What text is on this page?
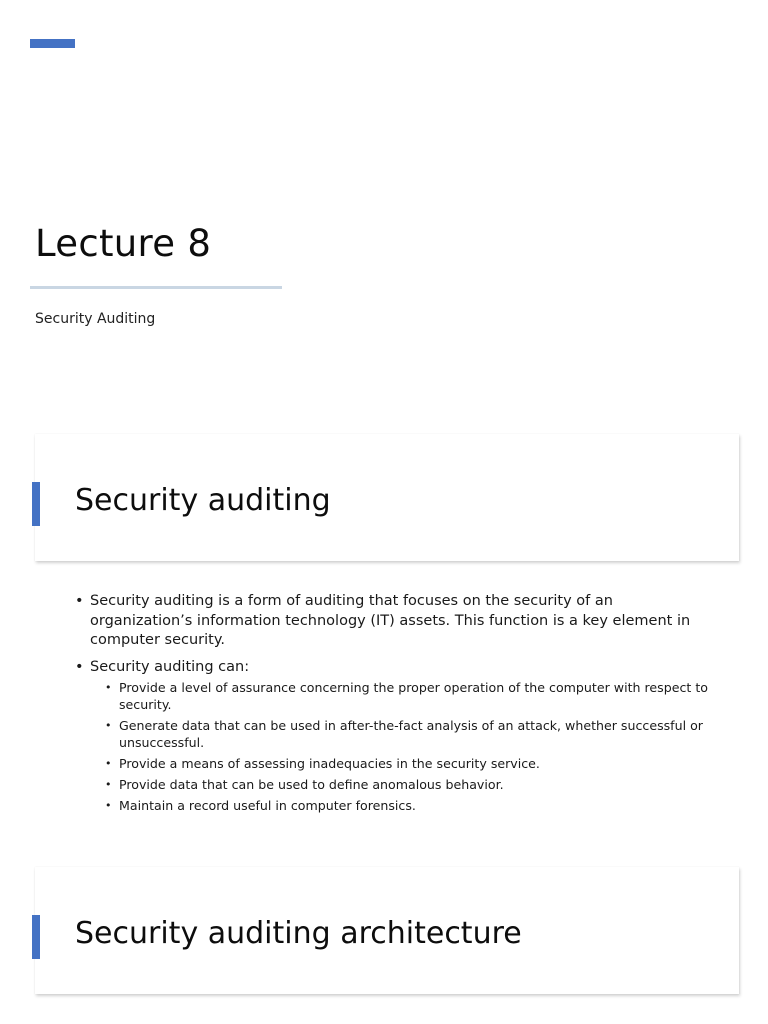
Lecture 8

Security Auditing

Security auditing
• Security auditing is a form of auditing that focuses on the security of an organization’s information technology (IT) assets. This function is a key element in computer security.
• Security auditing can:
• Provide a level of assurance concerning the proper operation of the computer with respect to security.
• Generate data that can be used in after-the-fact analysis of an attack, whether successful or unsuccessful.
• Provide a means of assessing inadequacies in the security service.
• Provide data that can be used to define anomalous behavior.
• Maintain a record useful in computer forensics.
Security auditing architecture
